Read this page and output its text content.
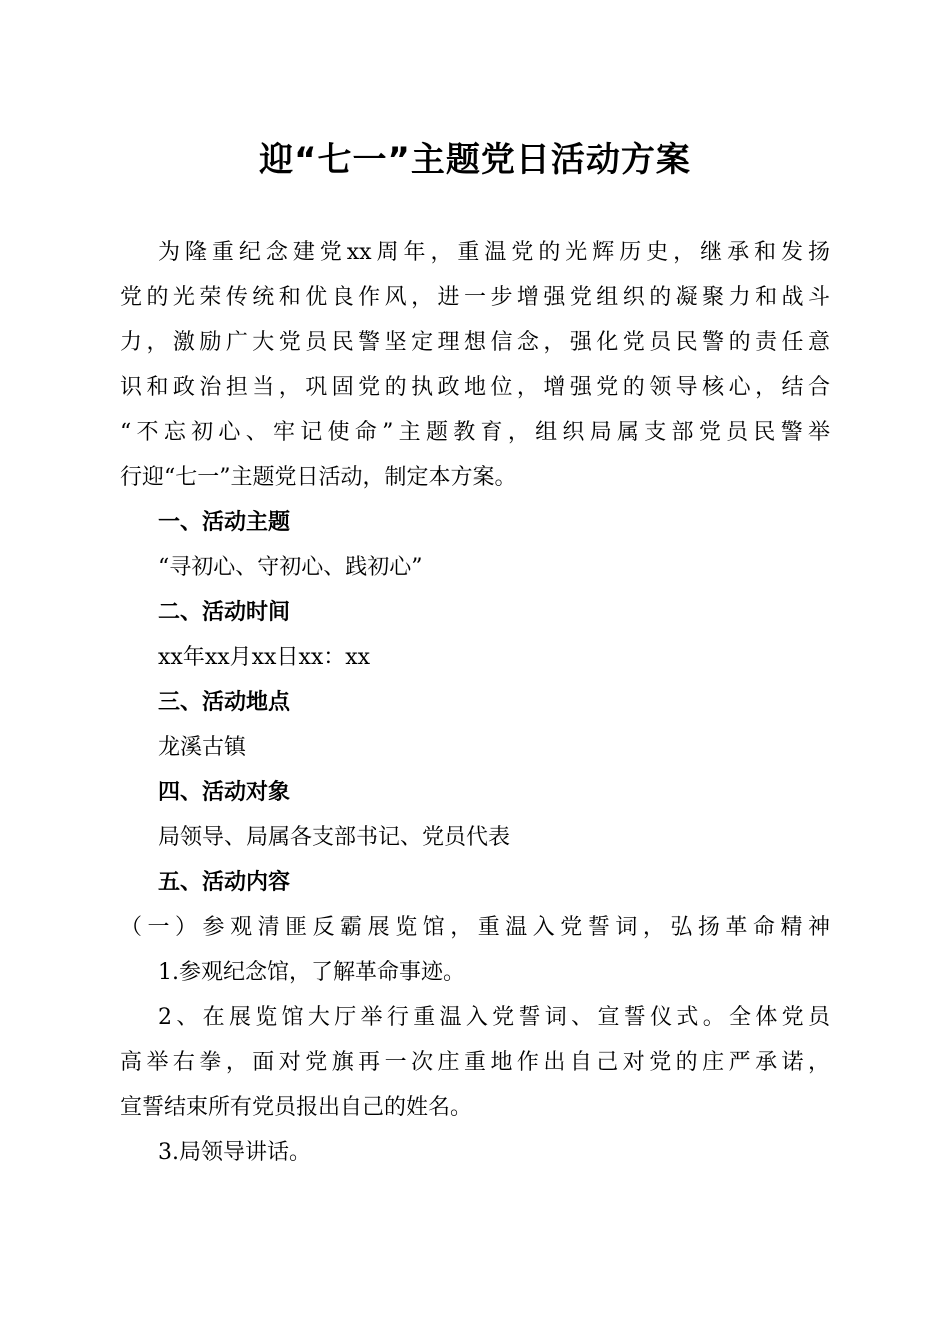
迎“七一”主题党日活动方案

为隆重纪念建党xx周年，重温党的光辉历史，继承和发扬

党的光荣传统和优良作风，进一步增强党组织的凝聚力和战斗

力，激励广大党员民警坚定理想信念，强化党员民警的责任意

识和政治担当，巩固党的执政地位，增强党的领导核心，结合

“不忘初心、牢记使命”主题教育，组织局属支部党员民警举

行迎“七一”主题党日活动，制定本方案。

一、活动主题

“寻初心、守初心、践初心”

二、活动时间

xx年xx月xx日xx：xx

三、活动地点

龙溪古镇

四、活动对象

局领导、局属各支部书记、党员代表

五、活动内容

（一）参观清匪反霸展览馆，重温入党誓词，弘扬革命精神

1.参观纪念馆，了解革命事迹。

2、在展览馆大厅举行重温入党誓词、宣誓仪式。全体党员

高举右拳，面对党旗再一次庄重地作出自己对党的庄严承诺，

宣誓结束所有党员报出自己的姓名。

3.局领导讲话。
